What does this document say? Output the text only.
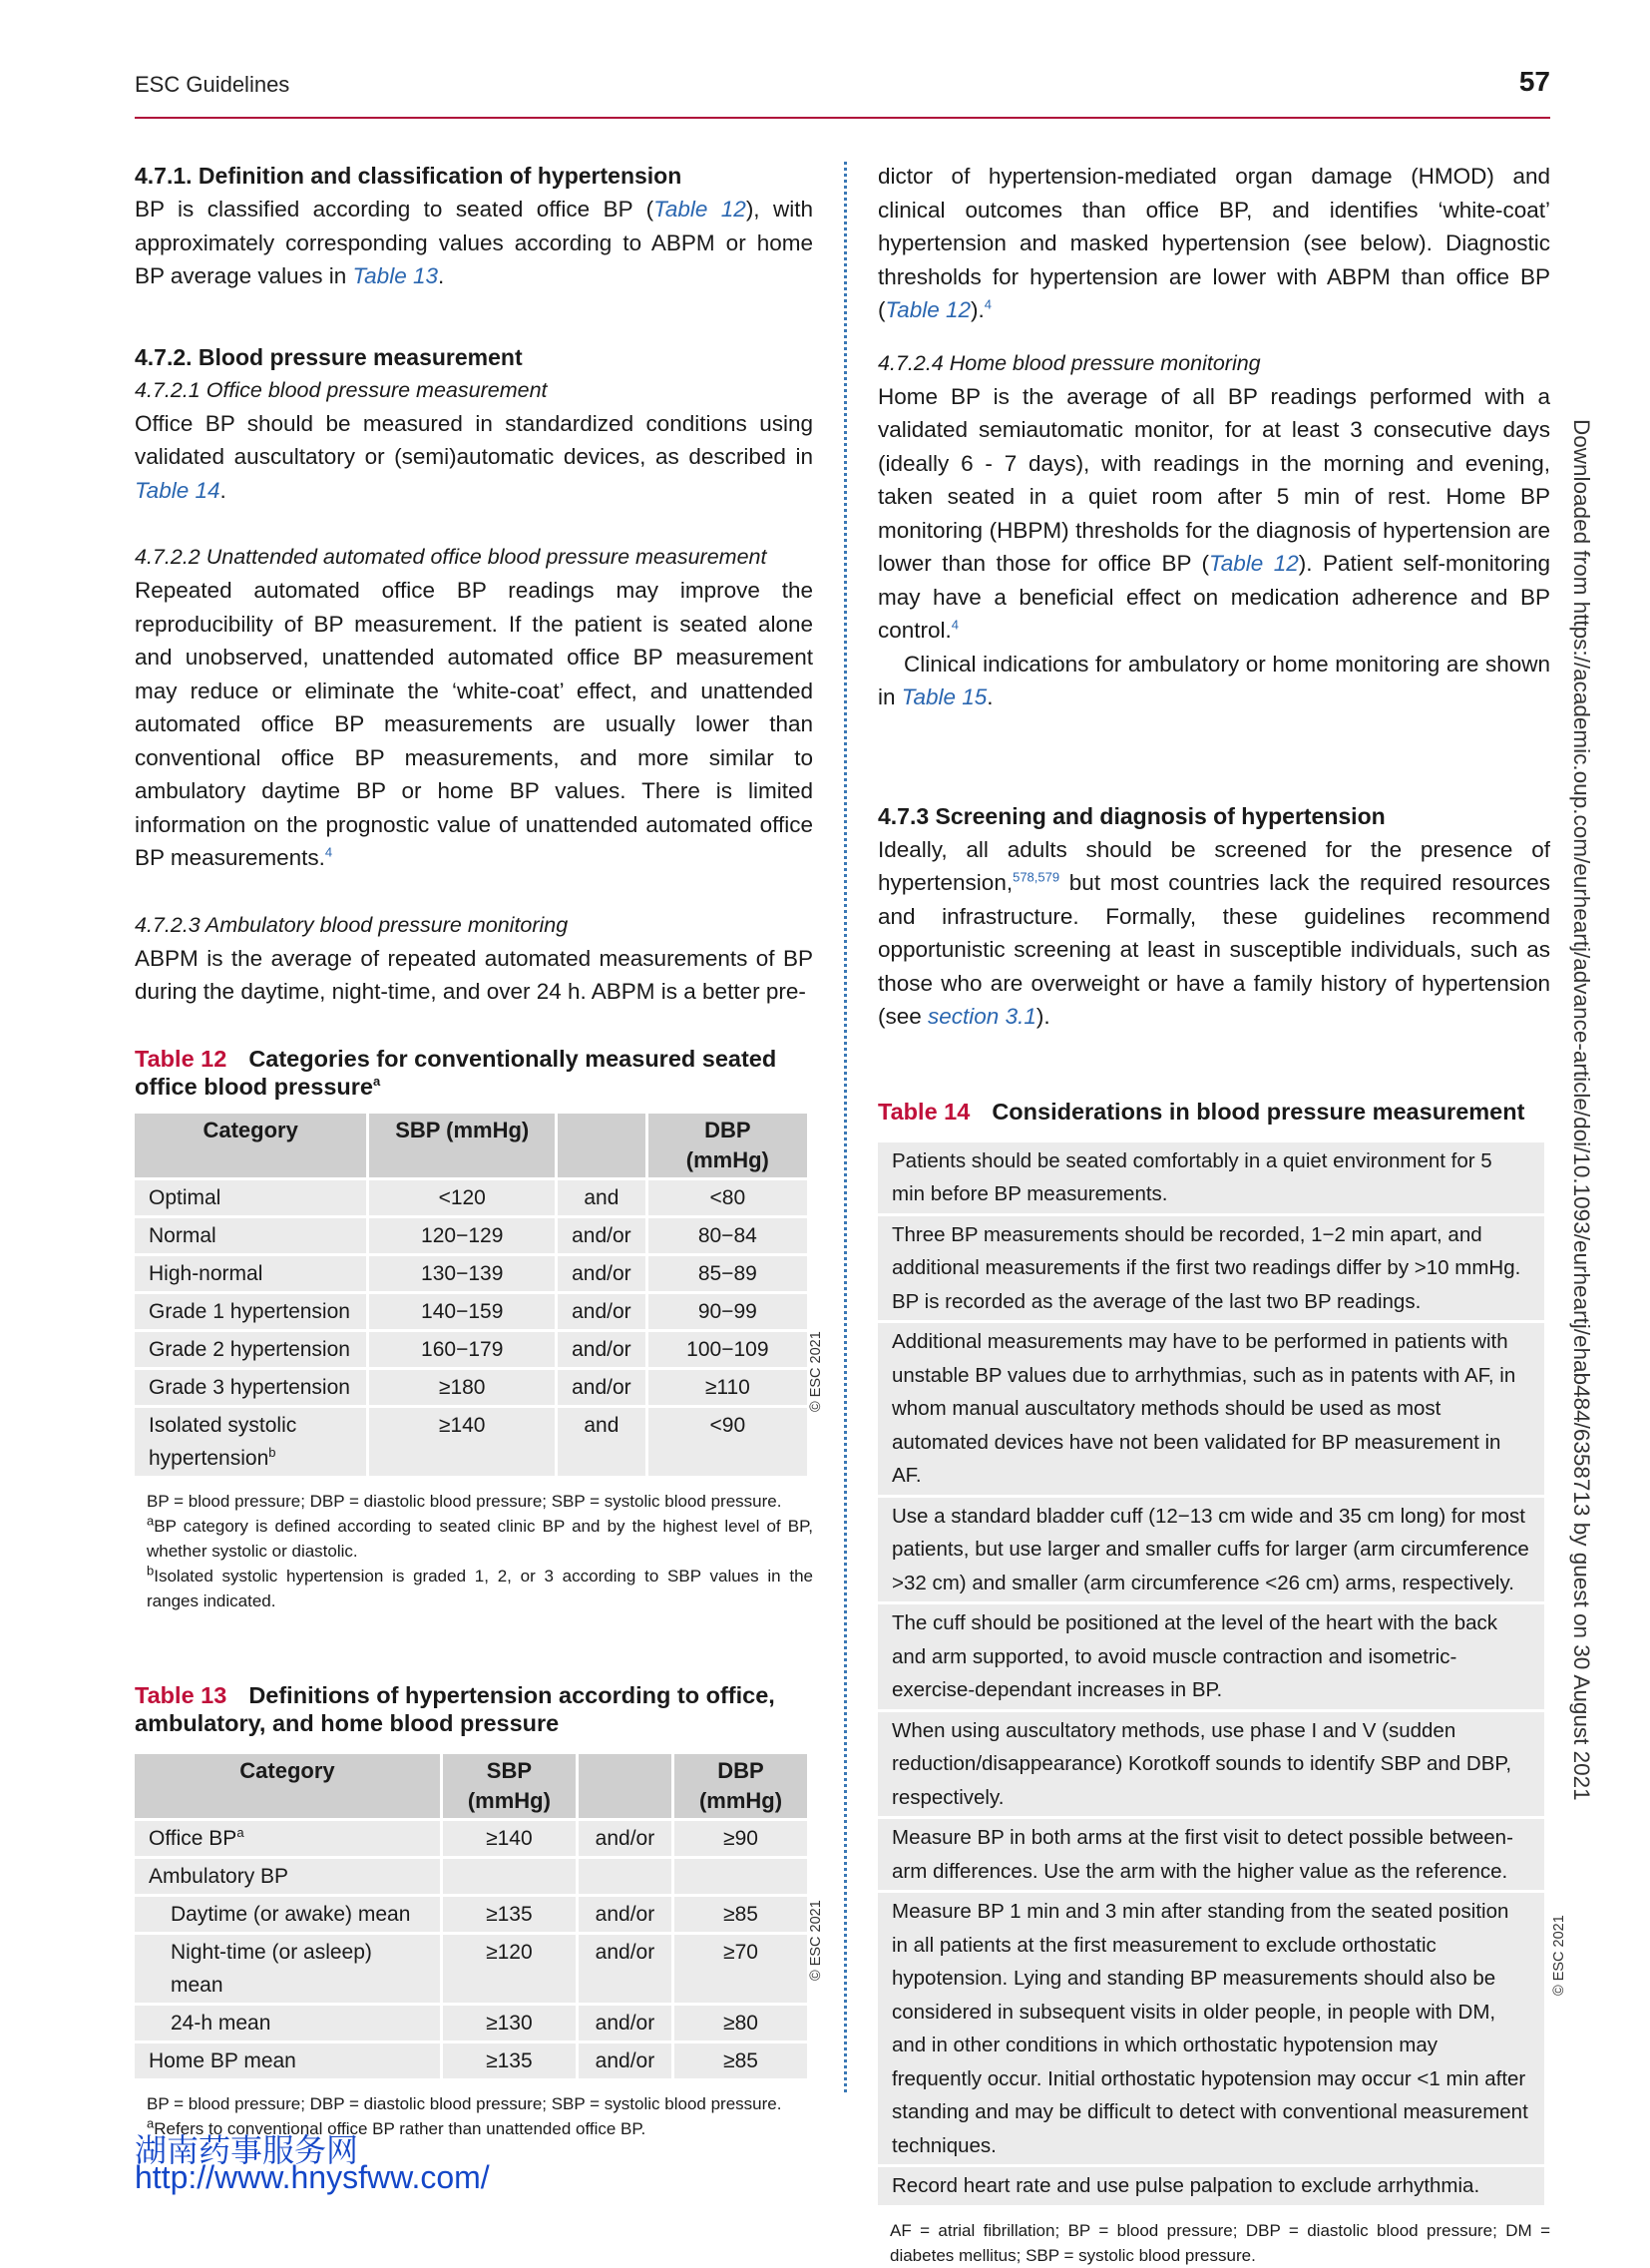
ESC Guidelines	57
4.7.1. Definition and classification of hypertension

BP is classified according to seated office BP (Table 12), with approximately corresponding values according to ABPM or home BP average values in Table 13.

4.7.2. Blood pressure measurement
4.7.2.1 Office blood pressure measurement

Office BP should be measured in standardized conditions using validated auscultatory or (semi)automatic devices, as described in Table 14.

4.7.2.2 Unattended automated office blood pressure measurement

Repeated automated office BP readings may improve the reproducibility of BP measurement. If the patient is seated alone and unobserved, unattended automated office BP measurement may reduce or eliminate the ‘white-coat’ effect, and unattended automated office BP measurements are usually lower than conventional office BP measurements, and more similar to ambulatory daytime BP or home BP values. There is limited information on the prognostic value of unattended automated office BP measurements.$^4$

4.7.2.3 Ambulatory blood pressure monitoring

ABPM is the average of repeated automated measurements of BP during the daytime, night-time, and over 24 h. ABPM is a better pre-

Table 12 Categories for conventionally measured seated office blood pressure$^a$
Category	SBP (mmHg)		DBP (mmHg)
Optimal	<120	and	<80
Normal	120−129	and/or	80−84
High-normal	130−139	and/or	85−89
Grade 1 hypertension	140−159	and/or	90−99
Grade 2 hypertension	160−179	and/or	100−109
Grade 3 hypertension	≥180	and/or	≥110
Isolated systolic hypertension$^b$	≥140	and	<90
BP = blood pressure; DBP = diastolic blood pressure; SBP = systolic blood pressure.
$^a$BP category is defined according to seated clinic BP and by the highest level of BP, whether systolic or diastolic.
$^b$Isolated systolic hypertension is graded 1, 2, or 3 according to SBP values in the ranges indicated.
Table 13 Definitions of hypertension according to office, ambulatory, and home blood pressure
Category	SBP (mmHg)		DBP (mmHg)
Office $BP^a$	≥140	and/or	≥90
Ambulatory BP			
Daytime (or awake) mean	≥135	and/or	≥85
Night-time (or asleep) mean	≥120	and/or	≥70
24-h mean	≥130	and/or	≥80
Home BP mean	≥135	and/or	≥85
BP = blood pressure; DBP = diastolic blood pressure; SBP = systolic blood pressure.
$^a$Refers to conventional office BP rather than unattended office BP.
© ESC 2021
© ESC 2021	© ESC 2021

dictor of hypertension-mediated organ damage (HMOD) and clinical outcomes than office BP, and identifies ‘white-coat’ hypertension and masked hypertension (see below). Diagnostic thresholds for hypertension are lower with ABPM than office BP (Table 12).$^4$

4.7.2.4 Home blood pressure monitoring

Home BP is the average of all BP readings performed with a validated semiautomatic monitor, for at least 3 consecutive days (ideally 6 - 7 days), with readings in the morning and evening, taken seated in a quiet room after 5 min of rest. Home BP monitoring (HBPM) thresholds for the diagnosis of hypertension are lower than those for office BP (Table 12). Patient self-monitoring may have a beneficial effect on medication adherence and BP control.$^4$

Clinical indications for ambulatory or home monitoring are shown in Table 15.

4.7.3 Screening and diagnosis of hypertension

Ideally, all adults should be screened for the presence of hypertension,$^{578,579}$ but most countries lack the required resources and infrastructure. Formally, these guidelines recommend opportunistic screening at least in susceptible individuals, such as those who are overweight or have a family history of hypertension (see section 3.1).

Table 14 Considerations in blood pressure measurement
Patients should be seated comfortably in a quiet environment for 5 min before BP measurements.
Three BP measurements should be recorded, 1−2 min apart, and additional measurements if the first two readings differ by >10 mmHg. BP is recorded as the average of the last two BP readings.
Additional measurements may have to be performed in patients with unstable BP values due to arrhythmias, such as in patents with AF, in whom manual auscultatory methods should be used as most automated devices have not been validated for BP measurement in AF.
Use a standard bladder cuff (12−13 cm wide and 35 cm long) for most patients, but use larger and smaller cuffs for larger (arm circumference >32 cm) and smaller (arm circumference <26 cm) arms, respectively.
The cuff should be positioned at the level of the heart with the back and arm supported, to avoid muscle contraction and isometric-exercise-dependant increases in BP.
When using auscultatory methods, use phase I and V (sudden reduction/disappearance) Korotkoff sounds to identify SBP and DBP, respectively.
Measure BP in both arms at the first visit to detect possible between-arm differences. Use the arm with the higher value as the reference.
Measure BP 1 min and 3 min after standing from the seated position in all patients at the first measurement to exclude orthostatic hypotension. Lying and standing BP measurements should also be considered in subsequent visits in older people, in people with DM, and in other conditions in which orthostatic hypotension may frequently occur. Initial orthostatic hypotension may occur <1 min after standing and may be difficult to detect with conventional measurement techniques.
Record heart rate and use pulse palpation to exclude arrhythmia.
AF = atrial fibrillation; BP = blood pressure; DBP = diastolic blood pressure; DM = diabetes mellitus; SBP = systolic blood pressure.
Downloaded from https://academic.oup.com/eurheartj/advance-article/doi/10.1093/eurheartj/ehab484/6358713 by guest on 30 August 2021
湖南药事服务网
http://www.hnysfww.com/
